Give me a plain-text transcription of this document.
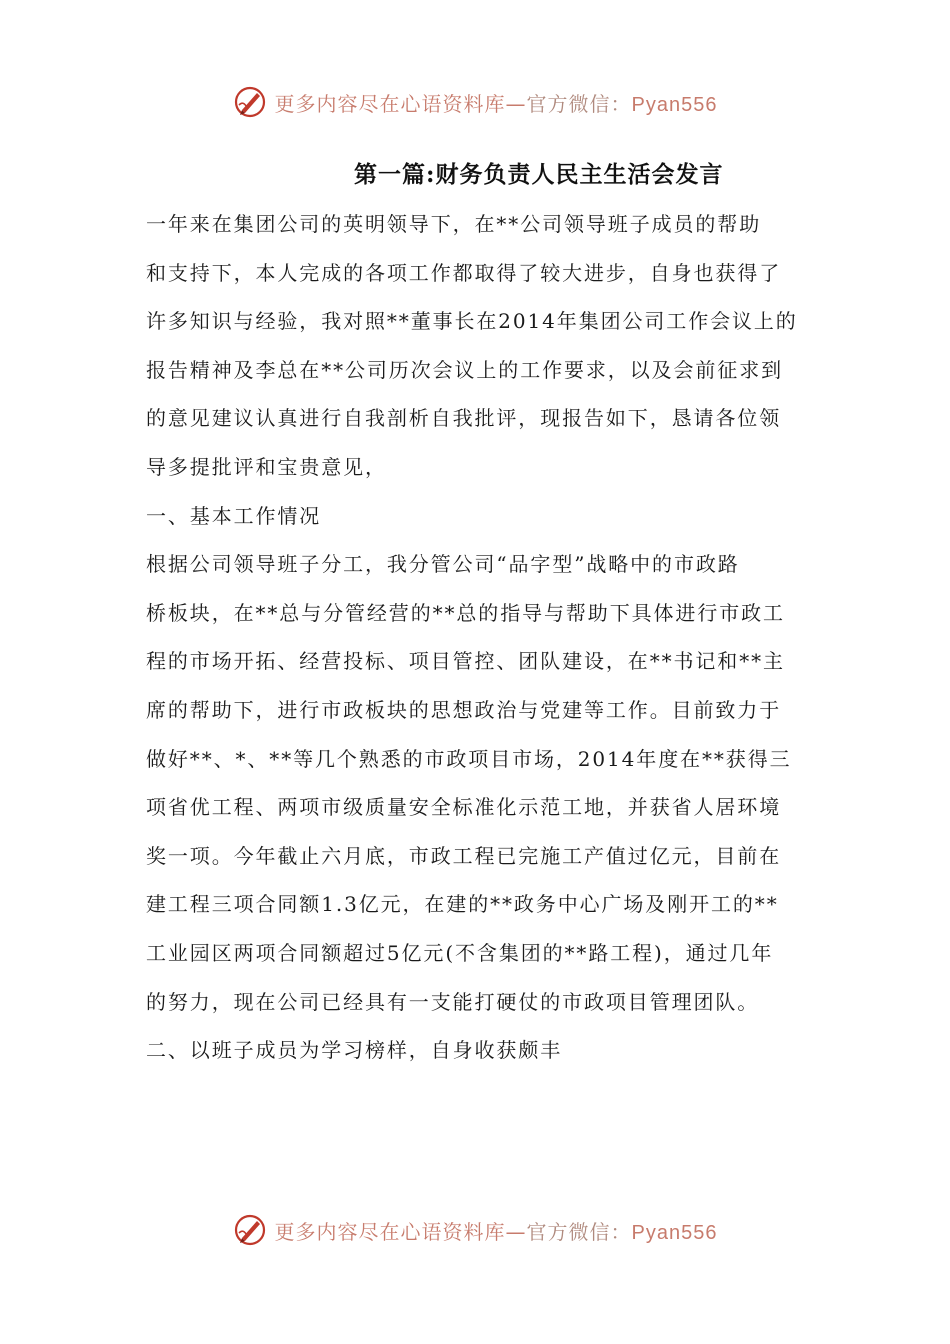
更多内容尽在心语资料库—官方微信：Pyan556
第一篇:财务负责人民主生活会发言
一年来在集团公司的英明领导下，在**公司领导班子成员的帮助
和支持下，本人完成的各项工作都取得了较大进步，自身也获得了
许多知识与经验，我对照**董事长在2014年集团公司工作会议上的
报告精神及李总在**公司历次会议上的工作要求，以及会前征求到
的意见建议认真进行自我剖析自我批评，现报告如下，恳请各位领
导多提批评和宝贵意见，
一、基本工作情况
根据公司领导班子分工，我分管公司“品字型”战略中的市政路
桥板块，在**总与分管经营的**总的指导与帮助下具体进行市政工
程的市场开拓、经营投标、项目管控、团队建设，在**书记和**主
席的帮助下，进行市政板块的思想政治与党建等工作。目前致力于
做好**、*、**等几个熟悉的市政项目市场，2014年度在**获得三
项省优工程、两项市级质量安全标准化示范工地，并获省人居环境
奖一项。今年截止六月底，市政工程已完施工产值过亿元，目前在
建工程三项合同额1.3亿元，在建的**政务中心广场及刚开工的**
工业园区两项合同额超过5亿元(不含集团的**路工程)，通过几年
的努力，现在公司已经具有一支能打硬仗的市政项目管理团队。
二、以班子成员为学习榜样，自身收获颇丰
更多内容尽在心语资料库—官方微信：Pyan556
